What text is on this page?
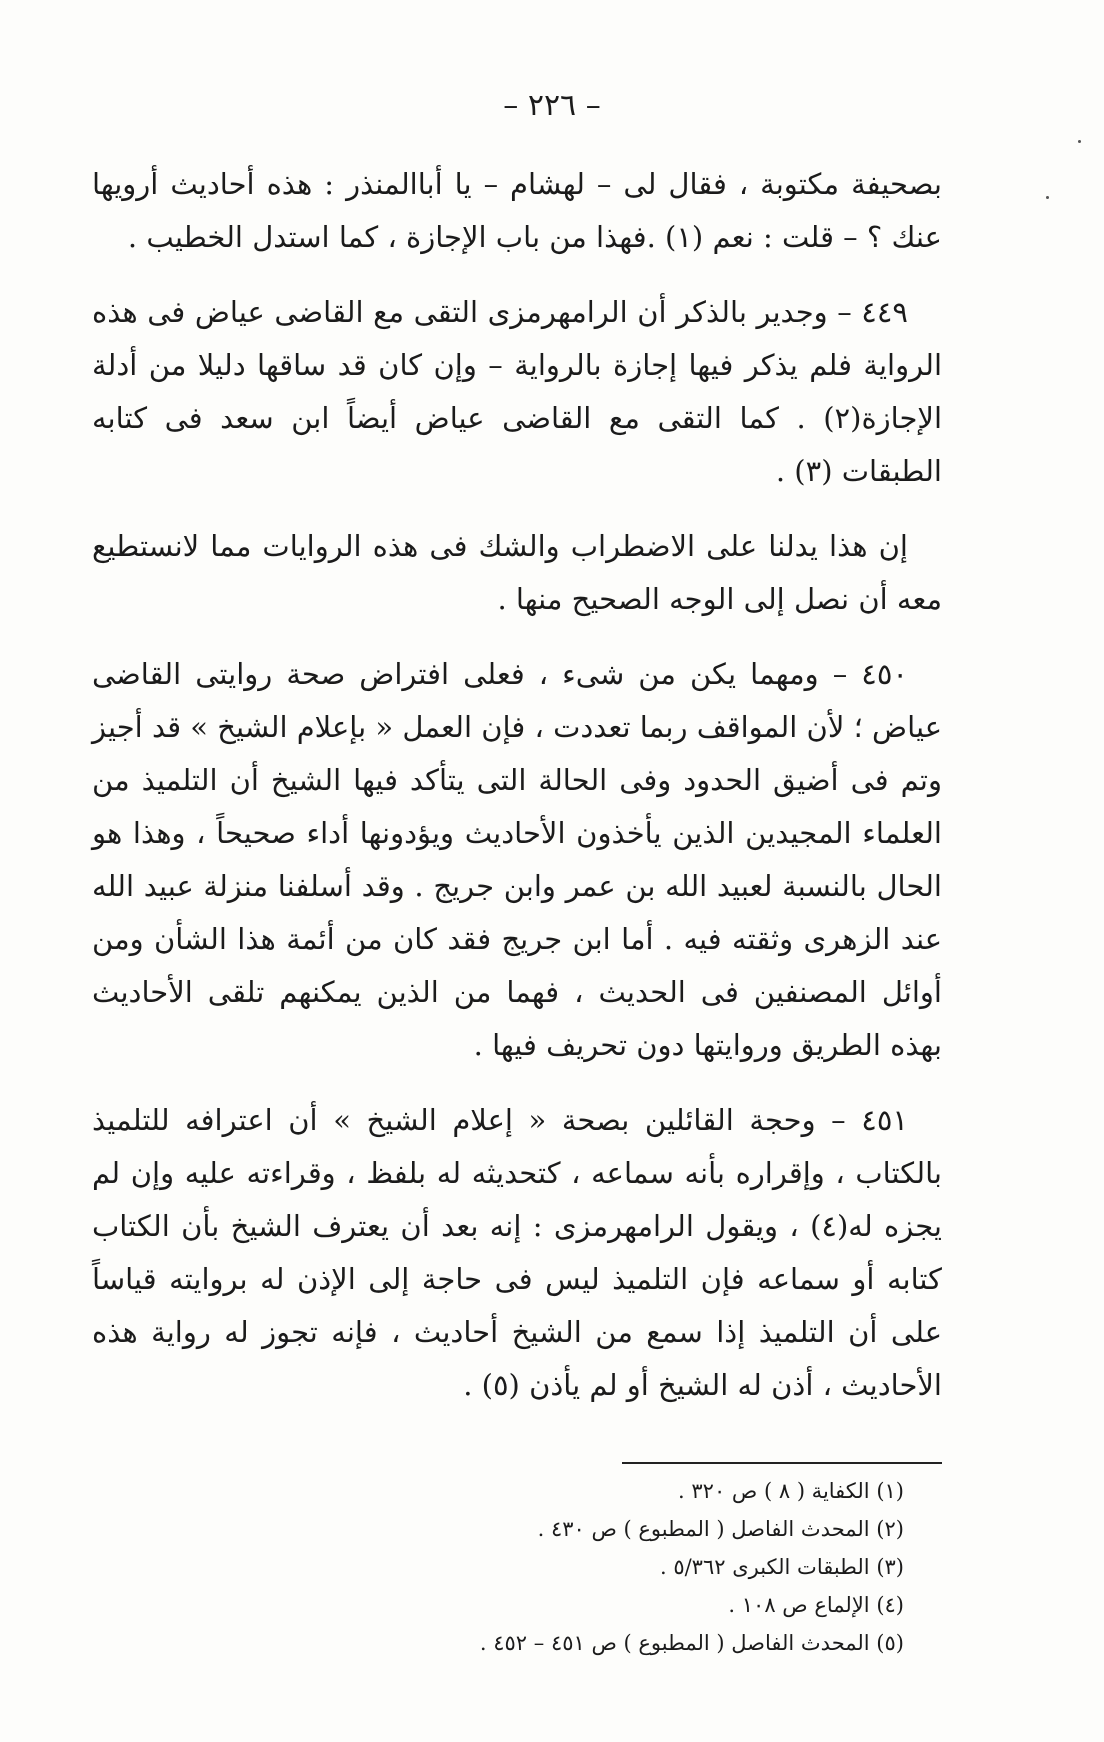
– ٢٢٦ –

بصحيفة مكتوبة ، فقال لى – لهشام – يا أباالمنذر : هذه أحاديث أرويها عنك ؟ – قلت : نعم (١) .فهذا من باب الإجازة ، كما استدل الخطيب .

٤٤٩ – وجدير بالذكر أن الرامهرمزى التقى مع القاضى عياض فى هذه الرواية فلم يذكر فيها إجازة بالرواية – وإن كان قد ساقها دليلا من أدلة الإجازة(٢) . كما التقى مع القاضى عياض أيضاً ابن سعد فى كتابه الطبقات (٣) .

إن هذا يدلنا على الاضطراب والشك فى هذه الروايات مما لانستطيع معه أن نصل إلى الوجه الصحيح منها .

٤٥٠ – ومهما يكن من شىء ، فعلى افتراض صحة روايتى القاضى عياض ؛ لأن المواقف ربما تعددت ، فإن العمل « بإعلام الشيخ » قد أجيز وتم فى أضيق الحدود وفى الحالة التى يتأكد فيها الشيخ أن التلميذ من العلماء المجيدين الذين يأخذون الأحاديث ويؤدونها أداء صحيحاً ، وهذا هو الحال بالنسبة لعبيد الله بن عمر وابن جريج . وقد أسلفنا منزلة عبيد الله عند الزهرى وثقته فيه . أما ابن جريج فقد كان من أئمة هذا الشأن ومن أوائل المصنفين فى الحديث ، فهما من الذين يمكنهم تلقى الأحاديث بهذه الطريق وروايتها دون تحريف فيها .

٤٥١ – وحجة القائلين بصحة « إعلام الشيخ » أن اعترافه للتلميذ بالكتاب ، وإقراره بأنه سماعه ، كتحديثه له بلفظ ، وقراءته عليه وإن لم يجزه له(٤) ، ويقول الرامهرمزى : إنه بعد أن يعترف الشيخ بأن الكتاب كتابه أو سماعه فإن التلميذ ليس فى حاجة إلى الإذن له بروايته قياساً على أن التلميذ إذا سمع من الشيخ أحاديث ، فإنه تجوز له رواية هذه الأحاديث ، أذن له الشيخ أو لم يأذن (٥) .

(١) الكفاية ( ٨ ) ص ٣٢٠ .

(٢) المحدث الفاصل ( المطبوع ) ص ٤٣٠ .

(٣) الطبقات الكبرى ٥/٣٦٢ .

(٤) الإلماع ص ١٠٨ .

(٥) المحدث الفاصل ( المطبوع ) ص ٤٥١ – ٤٥٢ .
